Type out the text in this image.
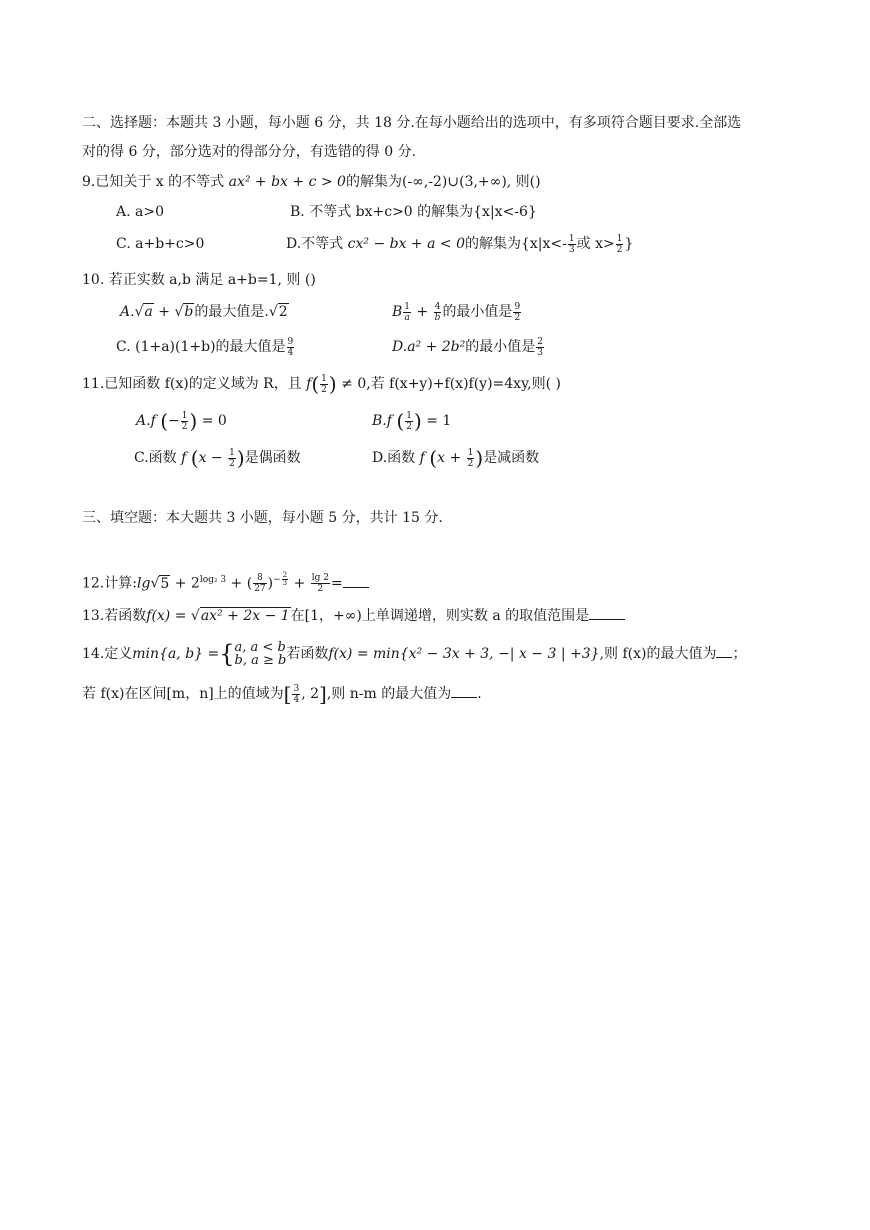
二、选择题：本题共 3 小题，每小题 6 分，共 18 分.在每小题给出的选项中，有多项符合题目要求.全部选
对的得 6 分，部分选对的得部分分，有选错的得 0 分.
9.已知关于 x 的不等式 ax² + bx + c > 0的解集为(-∞,-2)∪(3,+∞), 则()
A. a>0	B. 不等式 bx+c>0 的解集为{x|x<-6}
C. a+b+c>0	D.不等式 cx² − bx + a < 0的解集为{$x|x<- \frac{1}{3}$ 或 $x> \frac{1}{2}$ }
10. 若正实数 a,b 满足 a+b=1, 则 ()
A.√a + √b的最大值是.√2	B $\frac{1}{a} + \frac{4}{b}$ 的最小值是 $\frac{9}{2}$
C. (1+a)(1+b)的最大值是 $\frac{9}{4}$	D.a² + 2b²的最小值是 $\frac{2}{3}$
11.已知函数 f(x)的定义域为 R，且 $f( \frac{1}{2}$ ) ≠ 0,若 f(x+y)+f(x)f(y)=4xy,则( )
A.f (− $\frac{1}{2}$ ) = 0	B.f ( $\frac{1}{2}$ ) = 1
C.函数 f ($x - \frac{1}{2}$ )是偶函数	D.函数 f ($x + \frac{1}{2}$ )是减函数
三、填空题：本大题共 3 小题，每小题 5 分，共计 15 分.
12.计算:lg√5 + $2^{log_2 3}$ + ( $\frac{8}{27} )^{- \frac{2}{3}} + \frac{\lg 2}{2}$ =
13.若函数f(x) = √ax² + 2x − 1在[1，+∞)上单调递增，则实数 a 的取值范围是
14.定义min{a, b} ={ a, a < b
b, a ≥ b 若函数f(x) = min{x² − 3x + 3, −| x − 3 | +3},则 f(x)的最大值为 ；
若 f(x)在区间[m，n]上的值域为[ $\frac{3}{4}$ , 2],则 n-m 的最大值为 .
